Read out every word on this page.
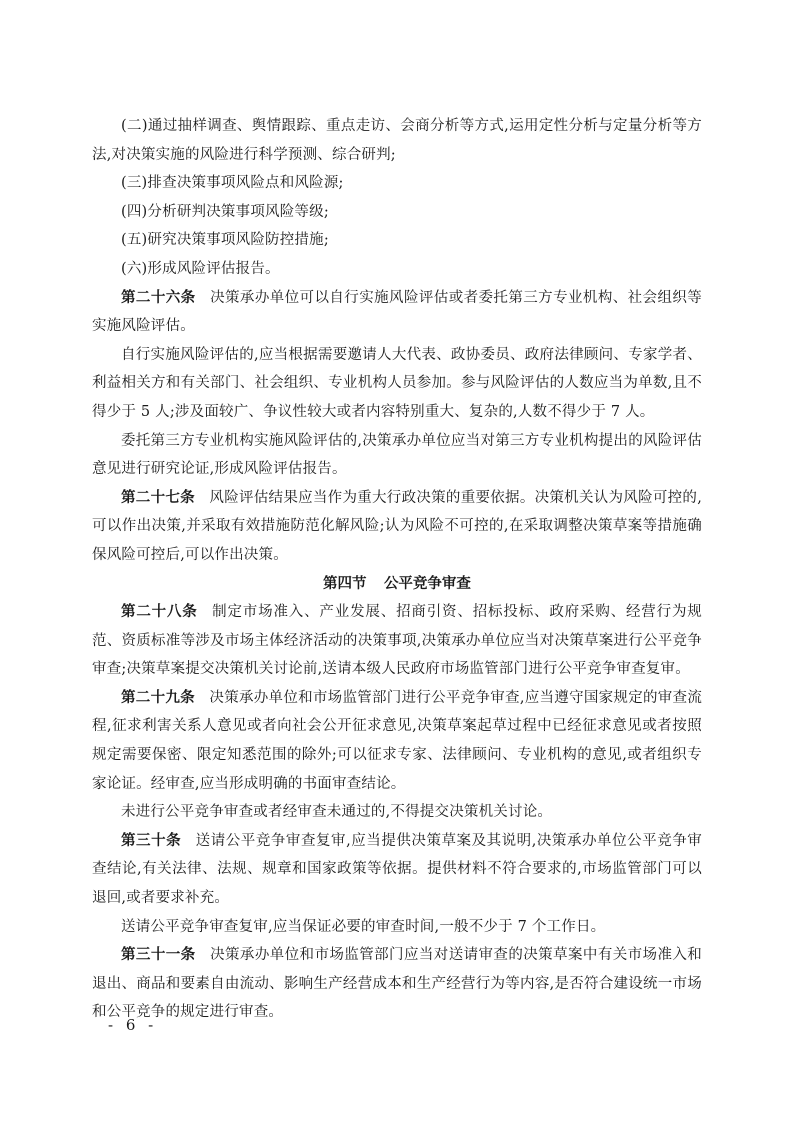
(二)通过抽样调查、舆情跟踪、重点走访、会商分析等方式,运用定性分析与定量分析等方法,对决策实施的风险进行科学预测、综合研判;

(三)排查决策事项风险点和风险源;

(四)分析研判决策事项风险等级;

(五)研究决策事项风险防控措施;

(六)形成风险评估报告。

第二十六条 决策承办单位可以自行实施风险评估或者委托第三方专业机构、社会组织等实施风险评估。

自行实施风险评估的,应当根据需要邀请人大代表、政协委员、政府法律顾问、专家学者、利益相关方和有关部门、社会组织、专业机构人员参加。参与风险评估的人数应当为单数,且不得少于 5 人;涉及面较广、争议性较大或者内容特别重大、复杂的,人数不得少于 7 人。

委托第三方专业机构实施风险评估的,决策承办单位应当对第三方专业机构提出的风险评估意见进行研究论证,形成风险评估报告。

第二十七条 风险评估结果应当作为重大行政决策的重要依据。决策机关认为风险可控的,可以作出决策,并采取有效措施防范化解风险;认为风险不可控的,在采取调整决策草案等措施确保风险可控后,可以作出决策。

第四节 公平竞争审查

第二十八条 制定市场准入、产业发展、招商引资、招标投标、政府采购、经营行为规范、资质标准等涉及市场主体经济活动的决策事项,决策承办单位应当对决策草案进行公平竞争审查;决策草案提交决策机关讨论前,送请本级人民政府市场监管部门进行公平竞争审查复审。

第二十九条 决策承办单位和市场监管部门进行公平竞争审查,应当遵守国家规定的审查流程,征求利害关系人意见或者向社会公开征求意见,决策草案起草过程中已经征求意见或者按照规定需要保密、限定知悉范围的除外;可以征求专家、法律顾问、专业机构的意见,或者组织专家论证。经审查,应当形成明确的书面审查结论。

未进行公平竞争审查或者经审查未通过的,不得提交决策机关讨论。

第三十条 送请公平竞争审查复审,应当提供决策草案及其说明,决策承办单位公平竞争审查结论,有关法律、法规、规章和国家政策等依据。提供材料不符合要求的,市场监管部门可以退回,或者要求补充。

送请公平竞争审查复审,应当保证必要的审查时间,一般不少于 7 个工作日。

第三十一条 决策承办单位和市场监管部门应当对送请审查的决策草案中有关市场准入和退出、商品和要素自由流动、影响生产经营成本和生产经营行为等内容,是否符合建设统一市场和公平竞争的规定进行审查。

- 6 -
